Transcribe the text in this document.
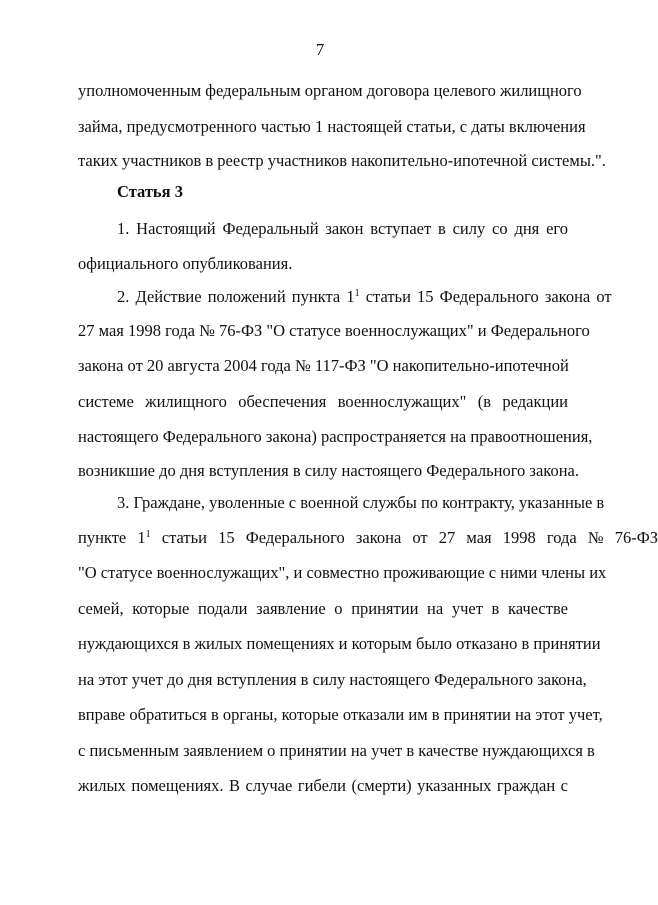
7
уполномоченным федеральным органом договора целевого жилищного
займа, предусмотренного частью 1 настоящей статьи, с даты включения
таких участников в реестр участников накопительно-ипотечной системы.".
Статья 3
1. Настоящий Федеральный закон вступает в силу со дня его
официального опубликования.
2. Действие положений пункта $1^1$ статьи 15 Федерального закона от
27 мая 1998 года № 76-ФЗ "О статусе военнослужащих" и Федерального
закона от 20 августа 2004 года № 117-ФЗ "О накопительно-ипотечной
системе жилищного обеспечения военнослужащих" (в редакции
настоящего Федерального закона) распространяется на правоотношения,
возникшие до дня вступления в силу настоящего Федерального закона.
3. Граждане, уволенные с военной службы по контракту, указанные в
пункте $1^1$ статьи 15 Федерального закона от 27 мая 1998 года № 76-ФЗ
"О статусе военнослужащих", и совместно проживающие с ними члены их
семей, которые подали заявление о принятии на учет в качестве
нуждающихся в жилых помещениях и которым было отказано в принятии
на этот учет до дня вступления в силу настоящего Федерального закона,
вправе обратиться в органы, которые отказали им в принятии на этот учет,
с письменным заявлением о принятии на учет в качестве нуждающихся в
жилых помещениях. В случае гибели (смерти) указанных граждан с
